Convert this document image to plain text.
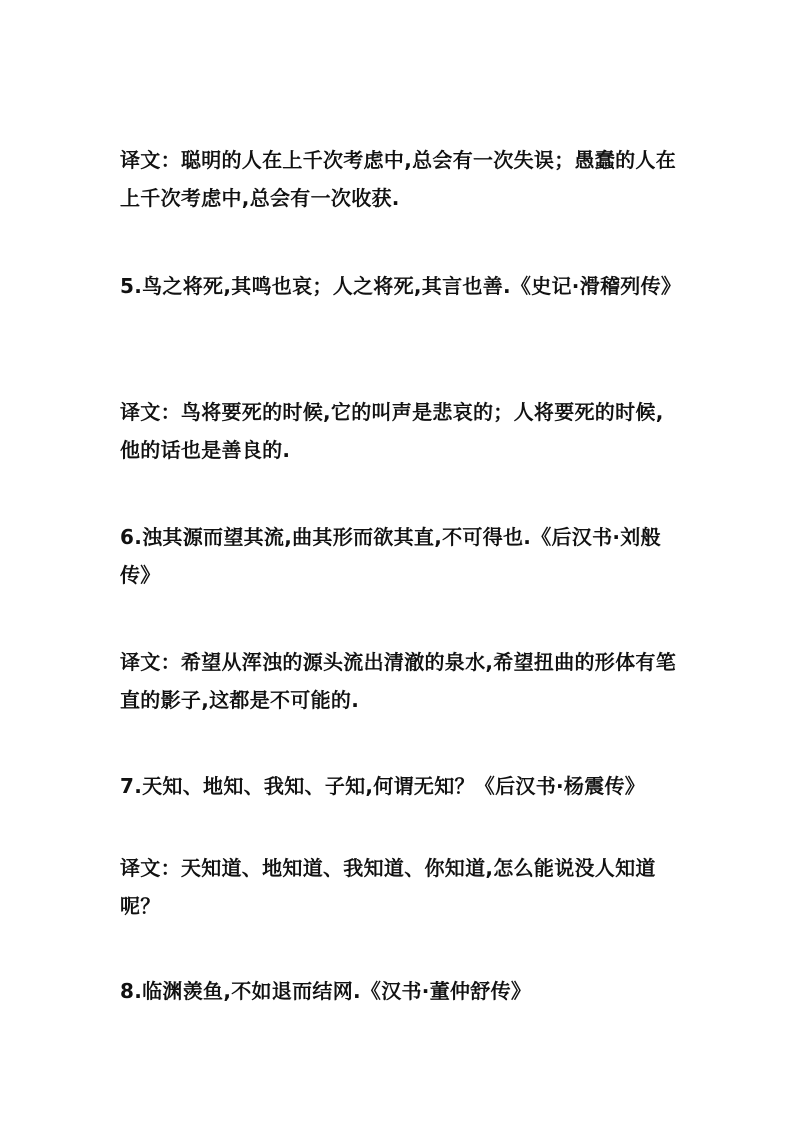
译文：聪明的人在上千次考虑中,总会有一次失误；愚蠢的人在上千次考虑中,总会有一次收获.

5.鸟之将死,其鸣也哀；人之将死,其言也善.《史记·滑稽列传》

译文：鸟将要死的时候,它的叫声是悲哀的；人将要死的时候,他的话也是善良的.

6.浊其源而望其流,曲其形而欲其直,不可得也.《后汉书·刘般传》

译文：希望从浑浊的源头流出清澈的泉水,希望扭曲的形体有笔直的影子,这都是不可能的.

7.天知、地知、我知、子知,何谓无知？《后汉书·杨震传》

译文：天知道、地知道、我知道、你知道,怎么能说没人知道呢？

8.临渊羡鱼,不如退而结网.《汉书·董仲舒传》
